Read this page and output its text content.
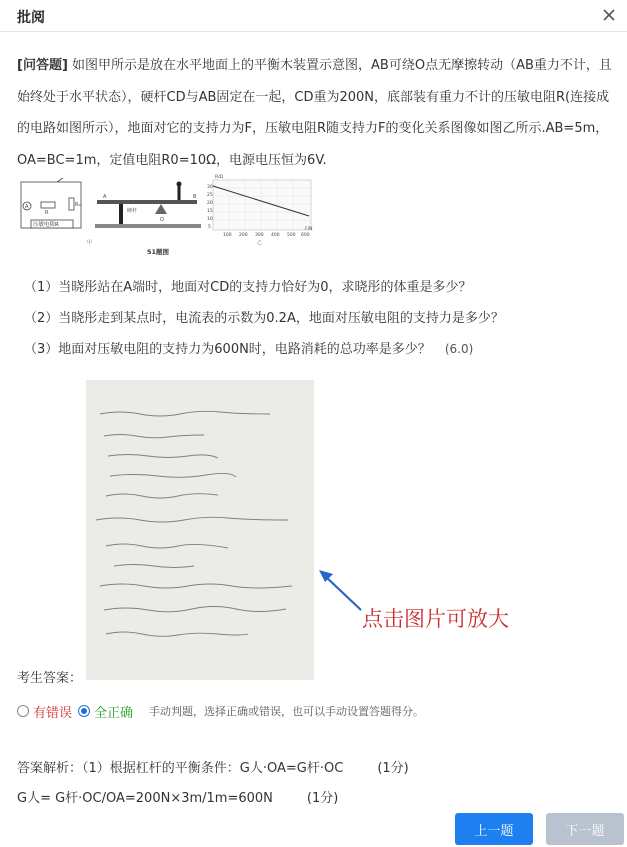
批阅
[问答题] 如图甲所示是放在水平地面上的平衡木装置示意图，AB可绕O点无摩擦转动（AB重力不计，且始终处于水平状态），硬杆CD与AB固定在一起，CD重为200N，底部装有重力不计的压敏电阻R(连接成的电路如图所示），地面对它的支持力为F，压敏电阻R随支持力F的变化关系图像如图乙所示.AB=5m，OA=BC=1m，定值电阻R0=10Ω，电源电压恒为6V.
A
R
R₀
压敏电阻R
A	B
O
硬杆
51题图
甲
30
25
20
15
10
5
R/Ω
100 200 300 400 500 600
F/N
乙
（1）当晓彤站在A端时，地面对CD的支持力恰好为0，求晓彤的体重是多少？
（2）当晓彤走到某点时，电流表的示数为0.2A，地面对压敏电阻的支持力是多少？
（3）地面对压敏电阻的支持力为600N时，电路消耗的总功率是多少？ (6.0)
点击图片可放大
考生答案：
有错误 全正确 手动判题，选择正确或错误，也可以手动设置答题得分。
答案解析：（1）根据杠杆的平衡条件：G人·OA=G杆·OC	(1分)
G人= G杆·OC/OA=200N×3m/1m=600N	(1分)
上一题	下一题
